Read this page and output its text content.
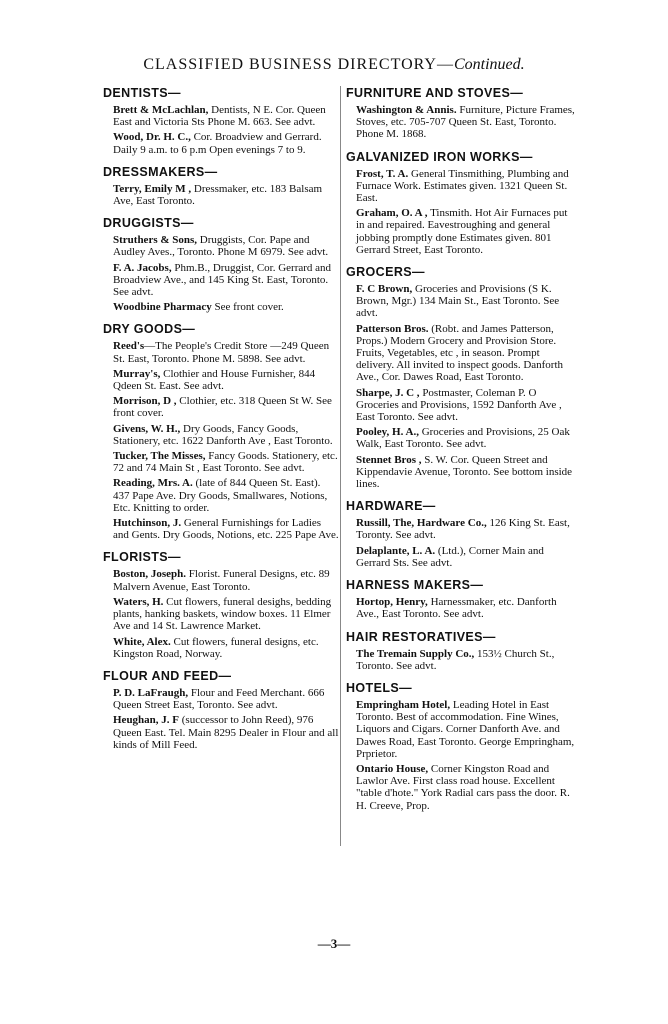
CLASSIFIED BUSINESS DIRECTORY—Continued.
DENTISTS—
Brett & McLachlan, Dentists, N E. Cor. Queen East and Victoria Sts Phone M. 663. See advt.
Wood, Dr. H. C., Cor. Broadview and Gerrard. Daily 9 a.m. to 6 p.m Open evenings 7 to 9.
DRESSMAKERS—
Terry, Emily M , Dressmaker, etc. 183 Balsam Ave, East Toronto.
DRUGGISTS—
Struthers & Sons, Druggists, Cor. Pape and Audley Aves., Toronto. Phone M 6979. See advt.
F. A. Jacobs, Phm.B., Druggist, Cor. Gerrard and Broadview Ave., and 145 King St. East, Toronto. See advt.
Woodbine Pharmacy See front cover.
DRY GOODS—
Reed's—The People's Credit Store —249 Queen St. East, Toronto. Phone M. 5898. See advt.
Murray's, Clothier and House Furnisher, 844 Qdeen St. East. See advt.
Morrison, D , Clothier, etc. 318 Queen St W. See front cover.
Givens, W. H., Dry Goods, Fancy Goods, Stationery, etc. 1622 Danforth Ave , East Toronto.
Tucker, The Misses, Fancy Goods. Stationery, etc. 72 and 74 Main St , East Toronto. See advt.
Reading, Mrs. A. (late of 844 Queen St. East). 437 Pape Ave. Dry Goods, Smallwares, Notions, Etc. Knitting to order.
Hutchinson, J. General Furnishings for Ladies and Gents. Dry Goods, Notions, etc. 225 Pape Ave.
FLORISTS—
Boston, Joseph. Florist. Funeral Designs, etc. 89 Malvern Avenue, East Toronto.
Waters, H. Cut flowers, funeral desighs, bedding plants, hanking baskets, window boxes. 11 Elmer Ave and 14 St. Lawrence Market.
White, Alex. Cut flowers, funeral designs, etc. Kingston Road, Norway.
FLOUR AND FEED—
P. D. LaFraugh, Flour and Feed Merchant. 666 Queen Street East, Toronto. See advt.
Heughan, J. F (successor to John Reed), 976 Queen East. Tel. Main 8295 Dealer in Flour and all kinds of Mill Feed.
FURNITURE AND STOVES—
Washington & Annis. Furniture, Picture Frames, Stoves, etc. 705-707 Queen St. East, Toronto. Phone M. 1868.
GALVANIZED IRON WORKS—
Frost, T. A. General Tinsmithing, Plumbing and Furnace Work. Estimates given. 1321 Queen St. East.
Graham, O. A , Tinsmith. Hot Air Furnaces put in and repaired. Eavestroughing and general jobbing promptly done Estimates given. 801 Gerrard Street, East Toronto.
GROCERS—
F. C Brown, Groceries and Provisions (S K. Brown, Mgr.) 134 Main St., East Toronto. See advt.
Patterson Bros. (Robt. and James Patterson, Props.) Modern Grocery and Provision Store. Fruits, Vegetables, etc , in season. Prompt delivery. All invited to inspect goods. Danforth Ave., Cor. Dawes Road, East Toronto.
Sharpe, J. C , Postmaster, Coleman P. O Groceries and Provisions, 1592 Danforth Ave , East Toronto. See advt.
Pooley, H. A., Groceries and Provisions, 25 Oak Walk, East Toronto. See advt.
Stennet Bros , S. W. Cor. Queen Street and Kippendavie Avenue, Toronto. See bottom inside lines.
HARDWARE—
Russill, The, Hardware Co., 126 King St. East, Toronty. See advt.
Delaplante, L. A. (Ltd.), Corner Main and Gerrard Sts. See advt.
HARNESS MAKERS—
Hortop, Henry, Harnessmaker, etc. Danforth Ave., East Toronto. See advt.
HAIR RESTORATIVES—
The Tremain Supply Co., 153½ Church St., Toronto. See advt.
HOTELS—
Empringham Hotel, Leading Hotel in East Toronto. Best of accommodation. Fine Wines, Liquors and Cigars. Corner Danforth Ave. and Dawes Road, East Toronto. George Empringham, Prprietor.
Ontario House, Corner Kingston Road and Lawlor Ave. First class road house. Excellent "table d'hote." York Radial cars pass the door. R. H. Creeve, Prop.
—3—
